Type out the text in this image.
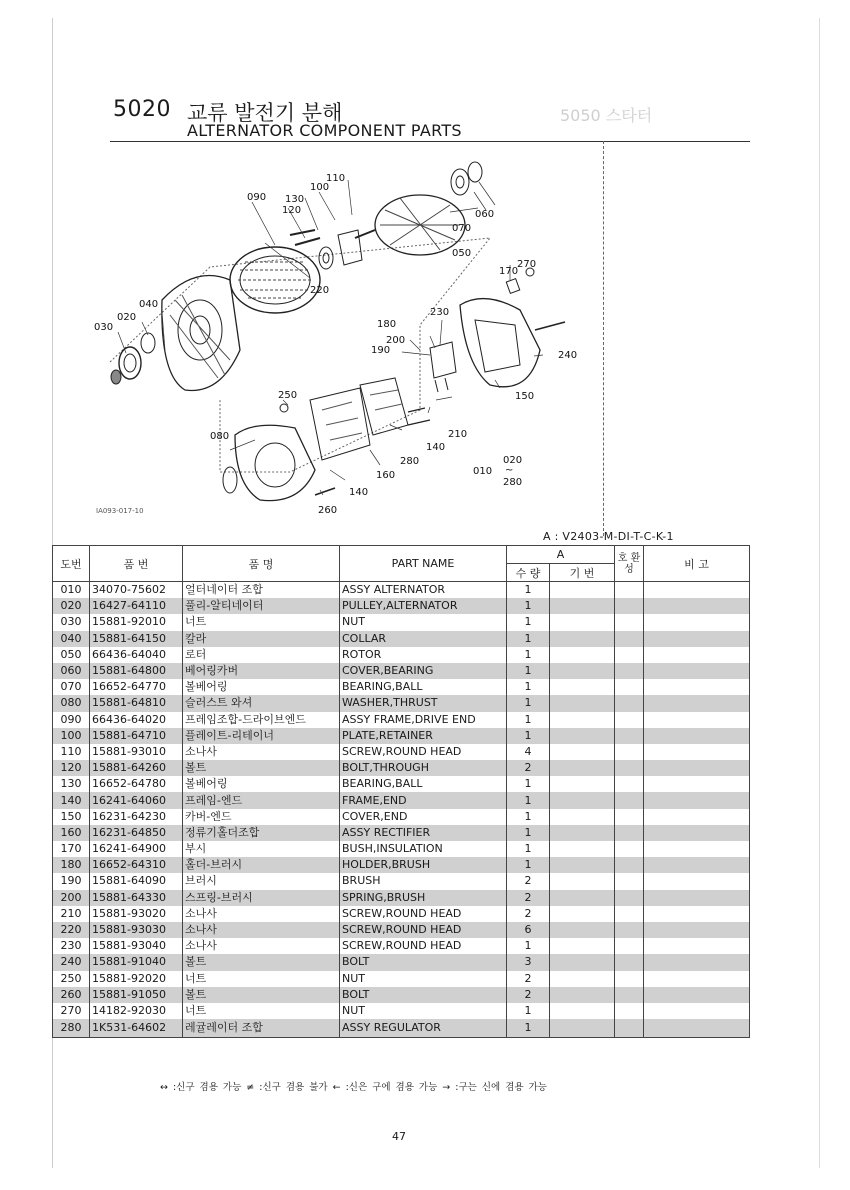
5020 교류 발전기 분해
ALTERNATOR COMPONENT PARTS
5050 스타터
090 130
120
100
110
060
070
050
270
170
220
040
020
030
230
180
200
190	240
150
250
080	210
140
280
160
140
260
010
020
~
280
IA093-017-10
A : V2403-M-DI-T-C-K-1
도번	품 번	품 명	PART NAME	A		호 환 성	비 고
				수 량	기 번		
010	34070-75602	얼터네이터 조합	ASSY ALTERNATOR	1			
020	16427-64110	풀리-알티네이터	PULLEY,ALTERNATOR	1			
030	15881-92010	너트	NUT	1			
040	15881-64150	칼라	COLLAR	1			
050	66436-64040	로터	ROTOR	1			
060	15881-64800	베어링카버	COVER,BEARING	1			
070	16652-64770	볼베어링	BEARING,BALL	1			
080	15881-64810	슬러스트 와셔	WASHER,THRUST	1			
090	66436-64020	프레임조합-드라이브엔드	ASSY FRAME,DRIVE END	1			
100	15881-64710	플레이트-리테이너	PLATE,RETAINER	1			
110	15881-93010	소나사	SCREW,ROUND HEAD	4			
120	15881-64260	볼트	BOLT,THROUGH	2			
130	16652-64780	볼베어링	BEARING,BALL	1			
140	16241-64060	프레임-엔드	FRAME,END	1			
150	16231-64230	카버-엔드	COVER,END	1			
160	16231-64850	정류기홀더조합	ASSY RECTIFIER	1			
170	16241-64900	부시	BUSH,INSULATION	1			
180	16652-64310	홀더-브러시	HOLDER,BRUSH	1			
190	15881-64090	브러시	BRUSH	2			
200	15881-64330	스프링-브러시	SPRING,BRUSH	2			
210	15881-93020	소나사	SCREW,ROUND HEAD	2			
220	15881-93030	소나사	SCREW,ROUND HEAD	6			
230	15881-93040	소나사	SCREW,ROUND HEAD	1			
240	15881-91040	볼트	BOLT	3			
250	15881-92020	너트	NUT	2			
260	15881-91050	볼트	BOLT	2			
270	14182-92030	너트	NUT	1			
280	1K531-64602	레귤레이터 조합	ASSY REGULATOR	1			
↔ :신구 겸용 가능 ≠ :신구 겸용 불가 ← :신은 구에 겸용 가능 → :구는 신에 겸용 가능
47
